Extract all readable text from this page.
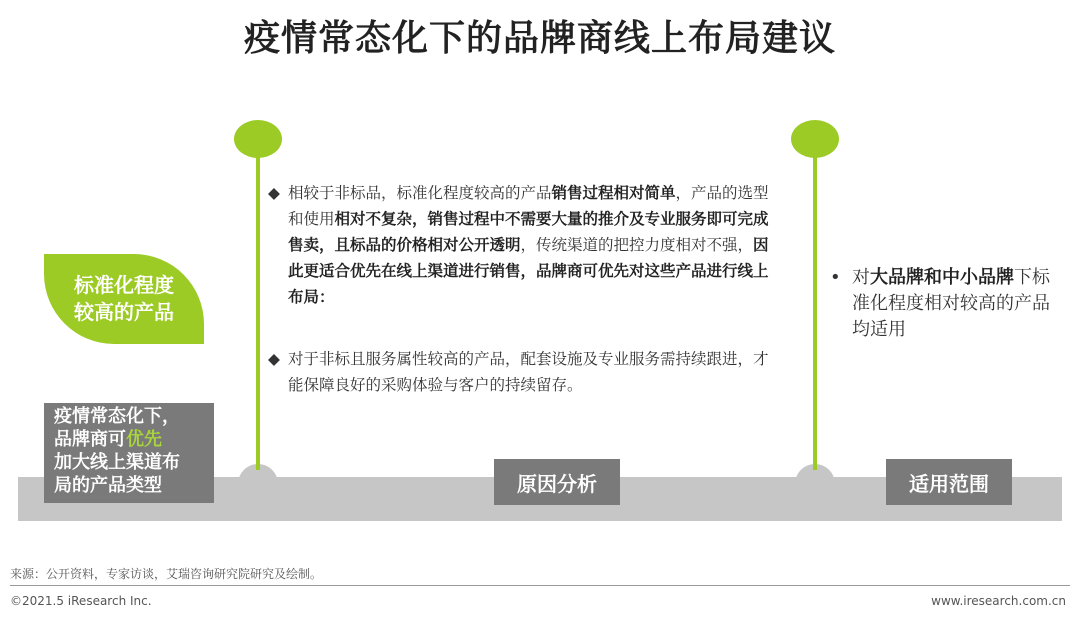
疫情常态化下的品牌商线上布局建议
标准化程度
较高的产品
疫情常态化下，
品牌商可优先
加大线上渠道布
局的产品类型

◆ 相较于非标品，标准化程度较高的产品销售过程相对简单，产品的选型和使用相对不复杂，销售过程中不需要大量的推介及专业服务即可完成售卖，且标品的价格相对公开透明，传统渠道的把控力度相对不强，因此更适合优先在线上渠道进行销售，品牌商可优先对这些产品进行线上布局：

◆ 对于非标且服务属性较高的产品，配套设施及专业服务需持续跟进，才能保障良好的采购体验与客户的持续留存。

• 对大品牌和中小品牌下标准化程度相对较高的产品均适用
原因分析	适用范围
来源：公开资料，专家访谈，艾瑞咨询研究院研究及绘制。
©2021.5 iResearch Inc.	www.iresearch.com.cn
